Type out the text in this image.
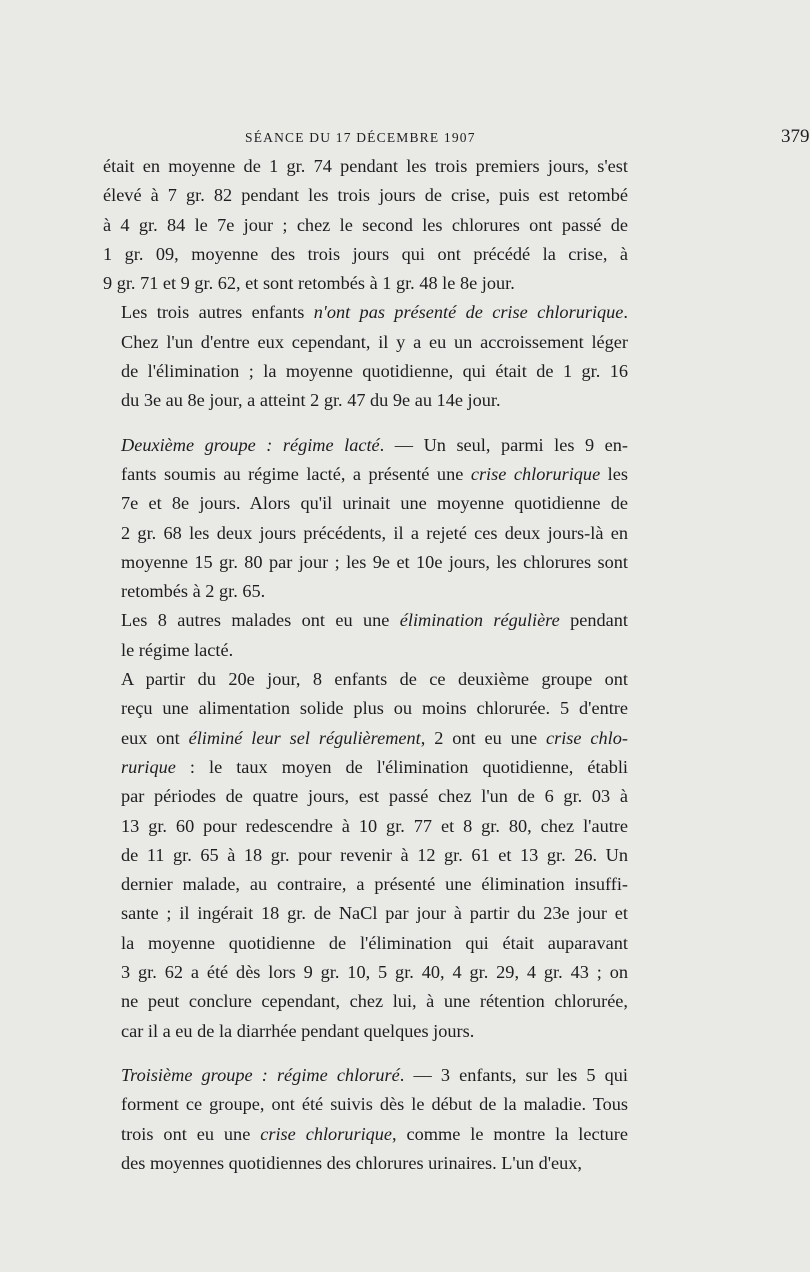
SÉANCE DU 17 DÉCEMBRE 1907	379

était en moyenne de 1 gr. 74 pendant les trois premiers jours, s'est
élevé à 7 gr. 82 pendant les trois jours de crise, puis est retombé
à 4 gr. 84 le 7e jour ; chez le second les chlorures ont passé de
1 gr. 09, moyenne des trois jours qui ont précédé la crise, à
9 gr. 71 et 9 gr. 62, et sont retombés à 1 gr. 48 le 8e jour.

Les trois autres enfants n'ont pas présenté de crise chlorurique.
Chez l'un d'entre eux cependant, il y a eu un accroissement léger
de l'élimination ; la moyenne quotidienne, qui était de 1 gr. 16
du 3e au 8e jour, a atteint 2 gr. 47 du 9e au 14e jour.

Deuxième groupe : régime lacté. — Un seul, parmi les 9 en-
fants soumis au régime lacté, a présenté une crise chlorurique les
7e et 8e jours. Alors qu'il urinait une moyenne quotidienne de
2 gr. 68 les deux jours précédents, il a rejeté ces deux jours-là en
moyenne 15 gr. 80 par jour ; les 9e et 10e jours, les chlorures sont
retombés à 2 gr. 65.

Les 8 autres malades ont eu une élimination régulière pendant
le régime lacté.

A partir du 20e jour, 8 enfants de ce deuxième groupe ont
reçu une alimentation solide plus ou moins chlorurée. 5 d'entre
eux ont éliminé leur sel régulièrement, 2 ont eu une crise chlo-
rurique : le taux moyen de l'élimination quotidienne, établi
par périodes de quatre jours, est passé chez l'un de 6 gr. 03 à
13 gr. 60 pour redescendre à 10 gr. 77 et 8 gr. 80, chez l'autre
de 11 gr. 65 à 18 gr. pour revenir à 12 gr. 61 et 13 gr. 26. Un
dernier malade, au contraire, a présenté une élimination insuffi-
sante ; il ingérait 18 gr. de NaCl par jour à partir du 23e jour et
la moyenne quotidienne de l'élimination qui était auparavant
3 gr. 62 a été dès lors 9 gr. 10, 5 gr. 40, 4 gr. 29, 4 gr. 43 ; on
ne peut conclure cependant, chez lui, à une rétention chlorurée,
car il a eu de la diarrhée pendant quelques jours.

Troisième groupe : régime chloruré. — 3 enfants, sur les 5 qui
forment ce groupe, ont été suivis dès le début de la maladie. Tous
trois ont eu une crise chlorurique, comme le montre la lecture
des moyennes quotidiennes des chlorures urinaires. L'un d'eux,
